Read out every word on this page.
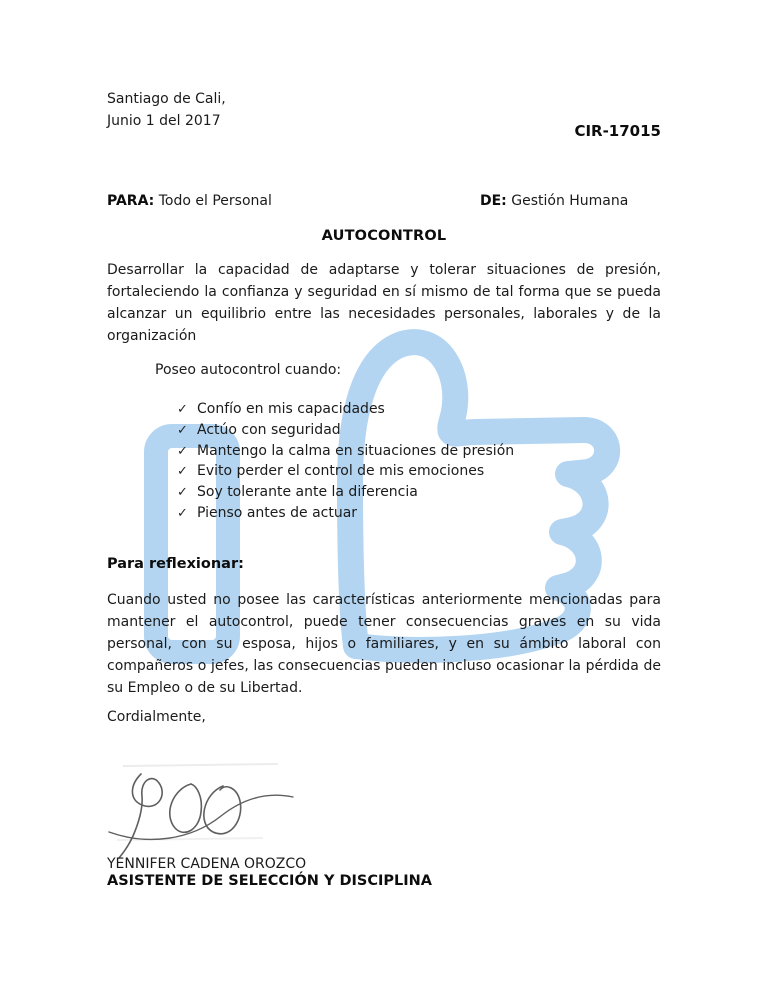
Santiago de Cali,
Junio 1 del 2017
CIR-17015
PARA: Todo el Personal	DE: Gestión Humana
AUTOCONTROL
Desarrollar la capacidad de adaptarse y tolerar situaciones de presión, fortaleciendo la confianza y seguridad en sí mismo de tal forma que se pueda alcanzar un equilibrio entre las necesidades personales, laborales y de la organización
Poseo autocontrol cuando:
✓ Confío en mis capacidades
✓ Actúo con seguridad
✓ Mantengo la calma en situaciones de presión
✓ Evito perder el control de mis emociones
✓ Soy tolerante ante la diferencia
✓ Pienso antes de actuar
Para reflexionar:
Cuando usted no posee las características anteriormente mencionadas para mantener el autocontrol, puede tener consecuencias graves en su vida personal, con su esposa, hijos o familiares, y en su ámbito laboral con compañeros o jefes, las consecuencias pueden incluso ocasionar la pérdida de su Empleo o de su Libertad.
Cordialmente,
YENNIFER CADENA OROZCO
ASISTENTE DE SELECCIÓN Y DISCIPLINA
